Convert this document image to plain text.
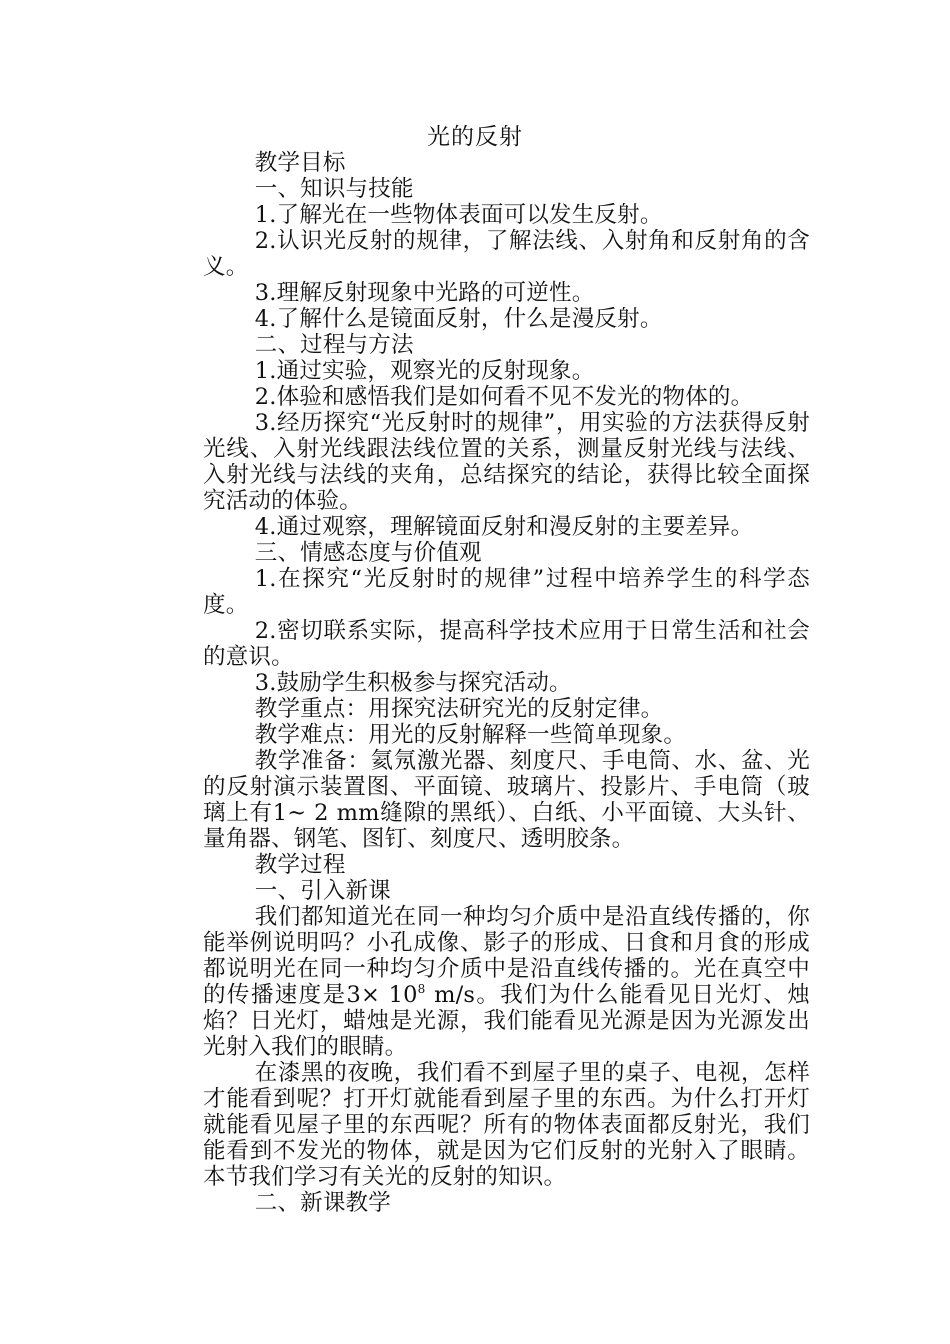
光的反射

教学目标

一、知识与技能

1.了解光在一些物体表面可以发生反射。

2.认识光反射的规律，了解法线、入射角和反射角的含义。

3.理解反射现象中光路的可逆性。

4.了解什么是镜面反射，什么是漫反射。

二、过程与方法

1.通过实验，观察光的反射现象。

2.体验和感悟我们是如何看不见不发光的物体的。

3.经历探究“光反射时的规律”，用实验的方法获得反射光线、入射光线跟法线位置的关系，测量反射光线与法线、入射光线与法线的夹角，总结探究的结论，获得比较全面探究活动的体验。

4.通过观察，理解镜面反射和漫反射的主要差异。

三、情感态度与价值观

1.在探究“光反射时的规律”过程中培养学生的科学态度。

2.密切联系实际，提高科学技术应用于日常生活和社会的意识。

3.鼓励学生积极参与探究活动。

教学重点：用探究法研究光的反射定律。

教学难点：用光的反射解释一些简单现象。

教学准备：氦氖激光器、刻度尺、手电筒、水、盆、光的反射演示装置图、平面镜、玻璃片、投影片、手电筒（玻璃上有1~ 2 mm缝隙的黑纸）、白纸、小平面镜、大头针、量角器、钢笔、图钉、刻度尺、透明胶条。

教学过程

一、引入新课

我们都知道光在同一种均匀介质中是沿直线传播的，你能举例说明吗？小孔成像、影子的形成、日食和月食的形成都说明光在同一种均匀介质中是沿直线传播的。光在真空中的传播速度是$3\times 10^8$ m/s。我们为什么能看见日光灯、烛焰？日光灯，蜡烛是光源，我们能看见光源是因为光源发出光射入我们的眼睛。

在漆黑的夜晚，我们看不到屋子里的桌子、电视，怎样才能看到呢？打开灯就能看到屋子里的东西。为什么打开灯就能看见屋子里的东西呢？所有的物体表面都反射光，我们能看到不发光的物体，就是因为它们反射的光射入了眼睛。本节我们学习有关光的反射的知识。

二、新课教学
